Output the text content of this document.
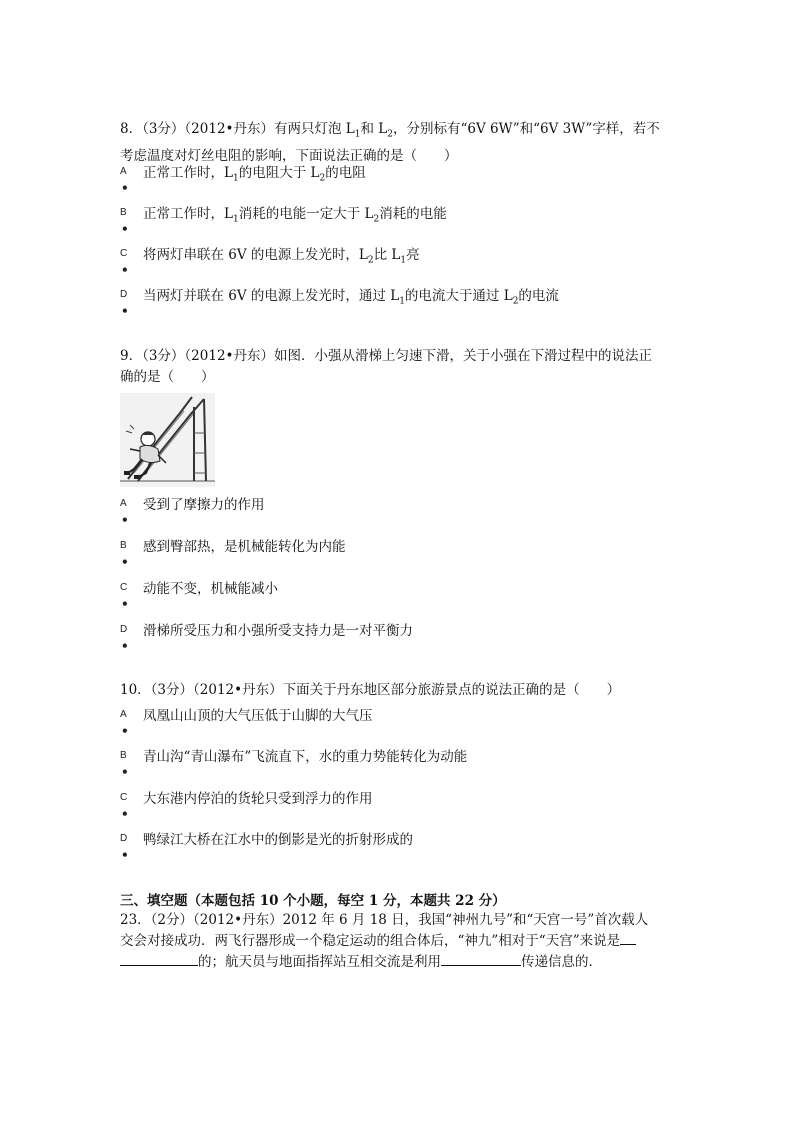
8．（3分）（2012•丹东）有两只灯泡 $L_1$和 $L_2$，分别标有“6V 6W”和“6V 3W”字样，若不
考虑温度对灯丝电阻的影响，下面说法正确的是（　　）
A 正常工作时，$L_1$的电阻大于 $L_2$的电阻
•
B 正常工作时，$L_1$消耗的电能一定大于 $L_2$消耗的电能
•
C 将两灯串联在 6V 的电源上发光时，$L_2$比 $L_1$亮
•
D 当两灯并联在 6V 的电源上发光时，通过 $L_1$的电流大于通过 $L_2$的电流
•
9．（3分）（2012•丹东）如图．小强从滑梯上匀速下滑，关于小强在下滑过程中的说法正
确的是（　　）
A 受到了摩擦力的作用
•
B 感到臀部热，是机械能转化为内能
•
C 动能不变，机械能减小
•
D 滑梯所受压力和小强所受支持力是一对平衡力
•
10．（3分）（2012•丹东）下面关于丹东地区部分旅游景点的说法正确的是（　　）
A 凤凰山山顶的大气压低于山脚的大气压
•
B 青山沟“青山瀑布”飞流直下，水的重力势能转化为动能
•
C 大东港内停泊的货轮只受到浮力的作用
•
D 鸭绿江大桥在江水中的倒影是光的折射形成的
•
三、填空题（本题包括 10 个小题，每空 1 分，本题共 22 分）
23．（2分）（2012•丹东）2012 年 6 月 18 日，我国“神州九号”和“天宫一号”首次载人
交会对接成功．两飞行器形成一个稳定运动的组合体后，“神九”相对于“天宫”来说是
的；航天员与地面指挥站互相交流是利用	传递信息的．
